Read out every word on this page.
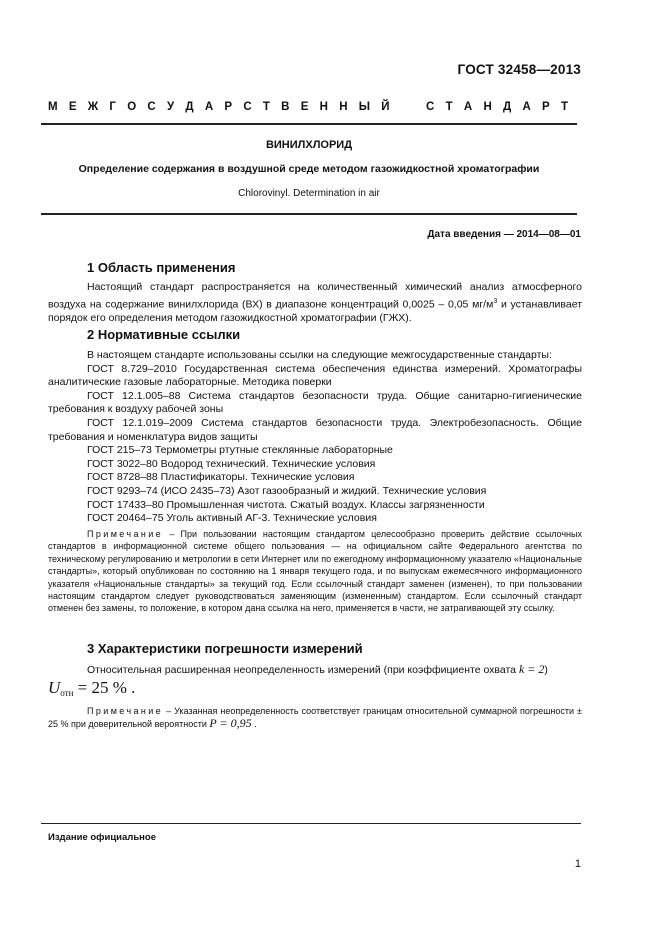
ГОСТ 32458—2013
М Е Ж Г О С У Д А Р С Т В Е Н Н Ы Й	С Т А Н Д А Р Т
ВИНИЛХЛОРИД
Определение содержания в воздушной среде методом газожидкостной хроматографии
Chlorovinyl. Determination in air
Дата введения — 2014—08—01
1 Область применения

Настоящий стандарт распространяется на количественный химический анализ атмосферного воздуха на содержание винилхлорида (ВХ) в диапазоне концентраций 0,0025 – 0,05 $мг/м^3$ и устанавливает порядок его определения методом газожидкостной хроматографии (ГЖХ).

2 Нормативные ссылки
В настоящем стандарте использованы ссылки на следующие межгосударственные стандарты:
ГОСТ 8.729–2010 Государственная система обеспечения единства измерений. Хроматографы аналитические газовые лабораторные. Методика поверки
ГОСТ 12.1.005–88 Система стандартов безопасности труда. Общие санитарно-гигиенические требования к воздуху рабочей зоны
ГОСТ 12.1.019–2009 Система стандартов безопасности труда. Электробезопасность. Общие требования и номенклатура видов защиты
ГОСТ 215–73 Термометры ртутные стеклянные лабораторные
ГОСТ 3022–80 Водород технический. Технические условия
ГОСТ 8728–88 Пластификаторы. Технические условия
ГОСТ 9293–74 (ИСО 2435–73) Азот газообразный и жидкий. Технические условия
ГОСТ 17433–80 Промышленная чистота. Сжатый воздух. Классы загрязненности
ГОСТ 20464–75 Уголь активный АГ-3. Технические условия

Примечание – При пользовании настоящим стандартом целесообразно проверить действие ссылочных стандартов в информационной системе общего пользования — на официальном сайте Федерального агентства по техническому регулированию и метрологии в сети Интернет или по ежегодному информационному указателю «Национальные стандарты», который опубликован по состоянию на 1 января текущего года, и по выпускам ежемесячного информационного указателя «Национальные стандарты» за текущий год. Если ссылочный стандарт заменен (изменен), то при пользовании настоящим стандартом следует руководствоваться заменяющим (измененным) стандартом. Если ссылочный стандарт отменен без замены, то положение, в котором дана ссылка на него, применяется в части, не затрагивающей эту ссылку.

3 Характеристики погрешности измерений

Относительная расширенная неопределенность измерений (при коэффициенте охвата k = 2)

$U_{отн} = 25$ % .

Примечание – Указанная неопределенность соответствует границам относительной суммарной погрешности ± 25 % при доверительной вероятности P = 0,95 .

Издание официальное
1
